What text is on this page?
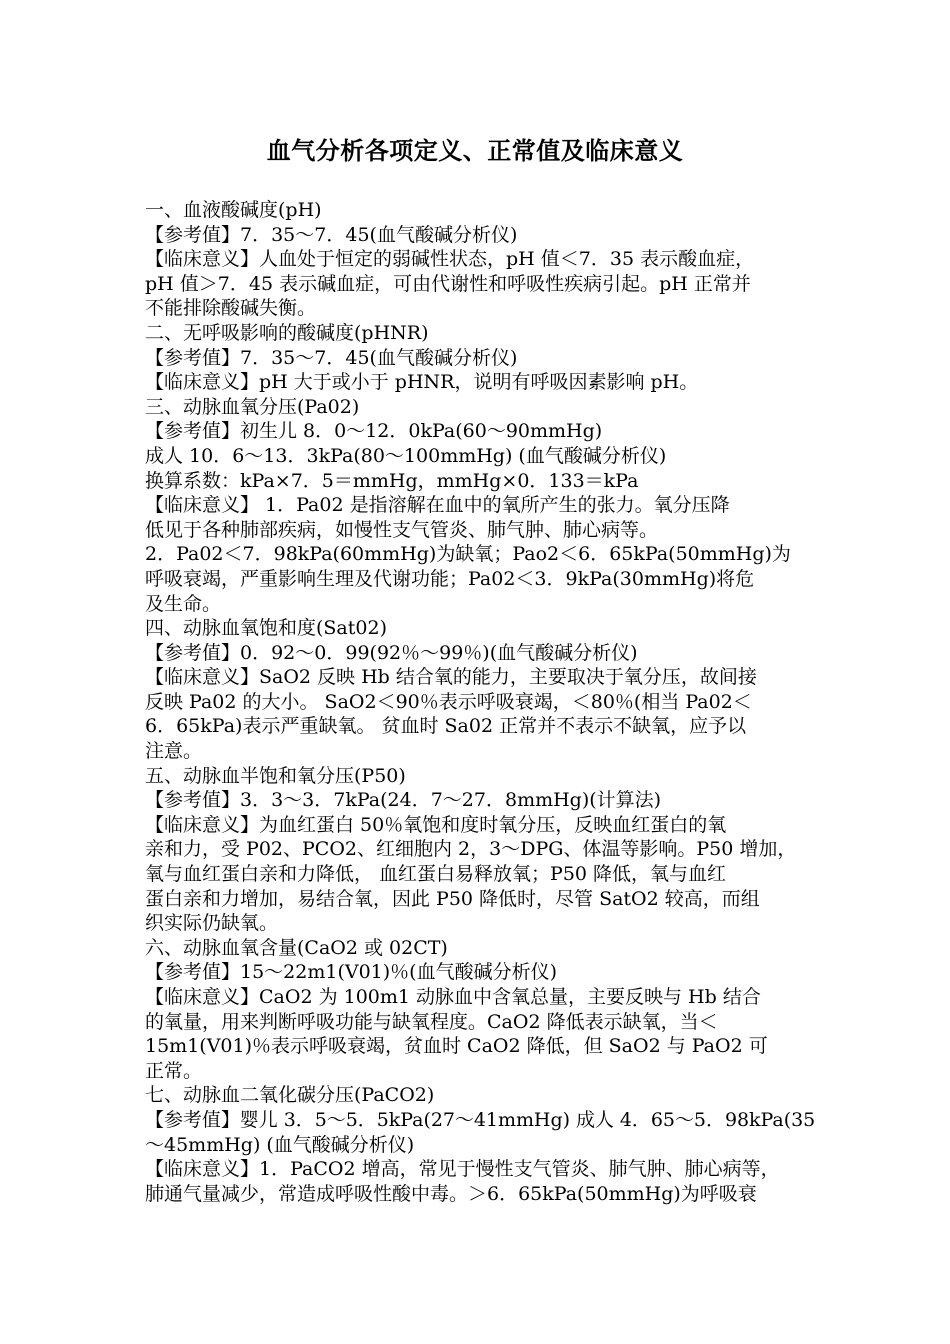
血气分析各项定义、正常值及临床意义
一、血液酸碱度(pH)
【参考值】7．35～7．45(血气酸碱分析仪)
【临床意义】人血处于恒定的弱碱性状态，pH 值＜7．35 表示酸血症，
pH 值＞7．45 表示碱血症，可由代谢性和呼吸性疾病引起。pH 正常并
不能排除酸碱失衡。
二、无呼吸影响的酸碱度(pHNR)
【参考值】7．35～7．45(血气酸碱分析仪)
【临床意义】pH 大于或小于 pHNR，说明有呼吸因素影响 pH。
三、动脉血氧分压(Pa02)
【参考值】初生儿 8．0～12．0kPa(60～90mmHg)
成人 10．6～13．3kPa(80～100mmHg) (血气酸碱分析仪)
换算系数：kPa×7．5＝mmHg，mmHg×0．133＝kPa
【临床意义】 1．Pa02 是指溶解在血中的氧所产生的张力。氧分压降
低见于各种肺部疾病，如慢性支气管炎、肺气肿、肺心病等。
2．Pa02＜7．98kPa(60mmHg)为缺氧；Pao2＜6．65kPa(50mmHg)为
呼吸衰竭，严重影响生理及代谢功能；Pa02＜3．9kPa(30mmHg)将危
及生命。
四、动脉血氧饱和度(Sat02)
【参考值】0．92～0．99(92％～99％)(血气酸碱分析仪)
【临床意义】SaO2 反映 Hb 结合氧的能力，主要取决于氧分压，故间接
反映 Pa02 的大小。 SaO2＜90％表示呼吸衰竭，＜80％(相当 Pa02＜
6．65kPa)表示严重缺氧。 贫血时 Sa02 正常并不表示不缺氧，应予以
注意。
五、动脉血半饱和氧分压(P50)
【参考值】3．3～3．7kPa(24．7～27．8mmHg)(计算法)
【临床意义】为血红蛋白 50％氧饱和度时氧分压，反映血红蛋白的氧
亲和力，受 P02、PCO2、红细胞内 2，3～DPG、体温等影响。P50 增加，
氧与血红蛋白亲和力降低， 血红蛋白易释放氧；P50 降低，氧与血红
蛋白亲和力增加，易结合氧，因此 P50 降低时，尽管 SatO2 较高，而组
织实际仍缺氧。
六、动脉血氧含量(CaO2 或 02CT)
【参考值】15～22m1(V01)％(血气酸碱分析仪)
【临床意义】CaO2 为 100m1 动脉血中含氧总量，主要反映与 Hb 结合
的氧量，用来判断呼吸功能与缺氧程度。CaO2 降低表示缺氧，当＜
15m1(V01)％表示呼吸衰竭，贫血时 CaO2 降低，但 SaO2 与 PaO2 可
正常。
七、动脉血二氧化碳分压(PaCO2)
【参考值】婴儿 3．5～5．5kPa(27～41mmHg) 成人 4．65～5．98kPa(35
～45mmHg) (血气酸碱分析仪)
【临床意义】1．PaCO2 增高，常见于慢性支气管炎、肺气肿、肺心病等，
肺通气量减少，常造成呼吸性酸中毒。＞6．65kPa(50mmHg)为呼吸衰
